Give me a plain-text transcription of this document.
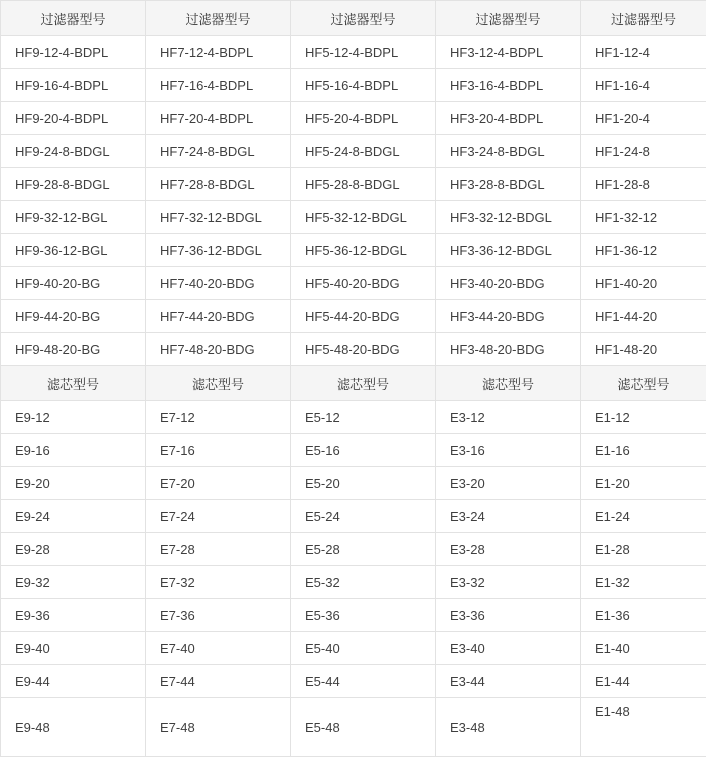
过滤器型号	过滤器型号	过滤器型号	过滤器型号	过滤器型号
HF9-12-4-BDPL	HF7-12-4-BDPL	HF5-12-4-BDPL	HF3-12-4-BDPL	HF1-12-4
HF9-16-4-BDPL	HF7-16-4-BDPL	HF5-16-4-BDPL	HF3-16-4-BDPL	HF1-16-4
HF9-20-4-BDPL	HF7-20-4-BDPL	HF5-20-4-BDPL	HF3-20-4-BDPL	HF1-20-4
HF9-24-8-BDGL	HF7-24-8-BDGL	HF5-24-8-BDGL	HF3-24-8-BDGL	HF1-24-8
HF9-28-8-BDGL	HF7-28-8-BDGL	HF5-28-8-BDGL	HF3-28-8-BDGL	HF1-28-8
HF9-32-12-BGL	HF7-32-12-BDGL	HF5-32-12-BDGL	HF3-32-12-BDGL	HF1-32-12
HF9-36-12-BGL	HF7-36-12-BDGL	HF5-36-12-BDGL	HF3-36-12-BDGL	HF1-36-12
HF9-40-20-BG	HF7-40-20-BDG	HF5-40-20-BDG	HF3-40-20-BDG	HF1-40-20
HF9-44-20-BG	HF7-44-20-BDG	HF5-44-20-BDG	HF3-44-20-BDG	HF1-44-20
HF9-48-20-BG	HF7-48-20-BDG	HF5-48-20-BDG	HF3-48-20-BDG	HF1-48-20
滤芯型号	滤芯型号	滤芯型号	滤芯型号	滤芯型号
E9-12	E7-12	E5-12	E3-12	E1-12
E9-16	E7-16	E5-16	E3-16	E1-16
E9-20	E7-20	E5-20	E3-20	E1-20
E9-24	E7-24	E5-24	E3-24	E1-24
E9-28	E7-28	E5-28	E3-28	E1-28
E9-32	E7-32	E5-32	E3-32	E1-32
E9-36	E7-36	E5-36	E3-36	E1-36
E9-40	E7-40	E5-40	E3-40	E1-40
E9-44	E7-44	E5-44	E3-44	E1-44
E9-48	E7-48	E5-48	E3-48	E1-48
